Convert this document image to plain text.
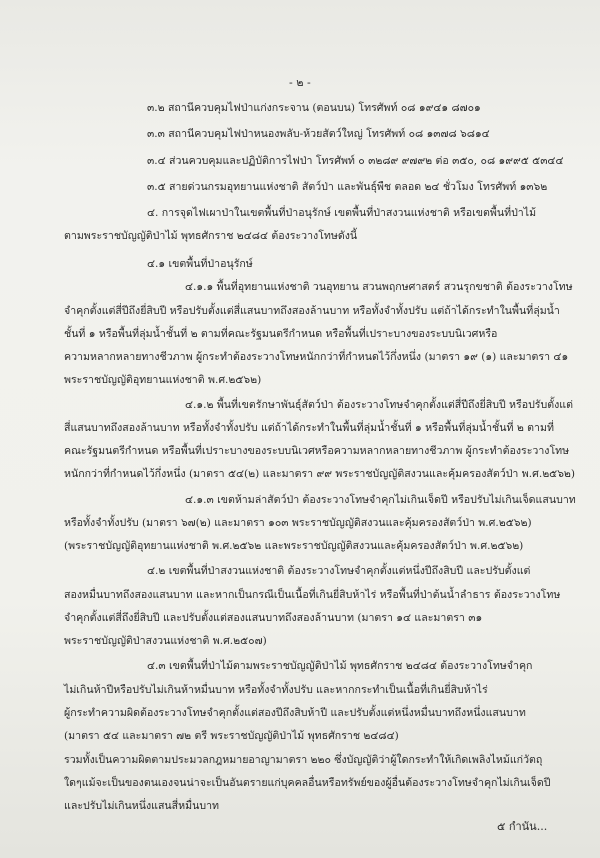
- ๒ -
๓.๒ สถานีควบคุมไฟป่าแก่งกระจาน (ตอนบน) โทรศัพท์ ๐๘ ๑๙๔๑ ๘๗๐๑
๓.๓ สถานีควบคุมไฟป่าหนองพลับ-ห้วยสัตว์ใหญ่ โทรศัพท์ ๐๘ ๑๓๗๘ ๖๘๑๔
๓.๔ ส่วนควบคุมและปฏิบัติการไฟป่า โทรศัพท์ ๐ ๓๒๘๙ ๙๗๙๒ ต่อ ๓๕๐, ๐๘ ๑๙๙๕ ๕๓๔๔
๓.๕ สายด่วนกรมอุทยานแห่งชาติ สัตว์ป่า และพันธุ์พืช ตลอด ๒๔ ชั่วโมง โทรศัพท์ ๑๓๖๒
๔. การจุดไฟเผาป่าในเขตพื้นที่ป่าอนุรักษ์ เขตพื้นที่ป่าสงวนแห่งชาติ หรือเขตพื้นที่ป่าไม้
ตามพระราชบัญญัติป่าไม้ พุทธศักราช ๒๔๘๔ ต้องระวางโทษดังนี้
๔.๑ เขตพื้นที่ป่าอนุรักษ์
๔.๑.๑ พื้นที่อุทยานแห่งชาติ วนอุทยาน สวนพฤกษศาสตร์ สวนรุกขชาติ ต้องระวางโทษ
จำคุกตั้งแต่สี่ปีถึงยี่สิบปี หรือปรับตั้งแต่สี่แสนบาทถึงสองล้านบาท หรือทั้งจำทั้งปรับ แต่ถ้าได้กระทำในพื้นที่ลุ่มน้ำ
ชั้นที่ ๑ หรือพื้นที่ลุ่มน้ำชั้นที่ ๒ ตามที่คณะรัฐมนตรีกำหนด หรือพื้นที่เปราะบางของระบบนิเวศหรือ
ความหลากหลายทางชีวภาพ ผู้กระทำต้องระวางโทษหนักกว่าที่กำหนดไว้กึ่งหนึ่ง (มาตรา ๑๙ (๑) และมาตรา ๔๑
พระราชบัญญัติอุทยานแห่งชาติ พ.ศ.๒๕๖๒)
๔.๑.๒ พื้นที่เขตรักษาพันธุ์สัตว์ป่า ต้องระวางโทษจำคุกตั้งแต่สี่ปีถึงยี่สิบปี หรือปรับตั้งแต่
สี่แสนบาทถึงสองล้านบาท หรือทั้งจำทั้งปรับ แต่ถ้าได้กระทำในพื้นที่ลุ่มน้ำชั้นที่ ๑ หรือพื้นที่ลุ่มน้ำชั้นที่ ๒ ตามที่
คณะรัฐมนตรีกำหนด หรือพื้นที่เปราะบางของระบบนิเวศหรือความหลากหลายทางชีวภาพ ผู้กระทำต้องระวางโทษ
หนักกว่าที่กำหนดไว้กึ่งหนึ่ง (มาตรา ๕๔(๒) และมาตรา ๙๙ พระราชบัญญัติสงวนและคุ้มครองสัตว์ป่า พ.ศ.๒๕๖๒)
๔.๑.๓ เขตห้ามล่าสัตว์ป่า ต้องระวางโทษจำคุกไม่เกินเจ็ดปี หรือปรับไม่เกินเจ็ดแสนบาท
หรือทั้งจำทั้งปรับ (มาตรา ๖๗(๒) และมาตรา ๑๐๓ พระราชบัญญัติสงวนและคุ้มครองสัตว์ป่า พ.ศ.๒๕๖๒)
(พระราชบัญญัติอุทยานแห่งชาติ พ.ศ.๒๕๖๒ และพระราชบัญญัติสงวนและคุ้มครองสัตว์ป่า พ.ศ.๒๕๖๒)
๔.๒ เขตพื้นที่ป่าสงวนแห่งชาติ ต้องระวางโทษจำคุกตั้งแต่หนึ่งปีถึงสิบปี และปรับตั้งแต่
สองหมื่นบาทถึงสองแสนบาท และหากเป็นกรณีเป็นเนื้อที่เกินยี่สิบห้าไร่ หรือพื้นที่ป่าต้นน้ำลำธาร ต้องระวางโทษ
จำคุกตั้งแต่สี่ถึงยี่สิบปี และปรับตั้งแต่สองแสนบาทถึงสองล้านบาท (มาตรา ๑๔ และมาตรา ๓๑
พระราชบัญญัติป่าสงวนแห่งชาติ พ.ศ.๒๕๐๗)
๔.๓ เขตพื้นที่ป่าไม้ตามพระราชบัญญัติป่าไม้ พุทธศักราช ๒๔๘๔ ต้องระวางโทษจำคุก
ไม่เกินห้าปีหรือปรับไม่เกินห้าหมื่นบาท หรือทั้งจำทั้งปรับ และหากกระทำเป็นเนื้อที่เกินยี่สิบห้าไร่
ผู้กระทำความผิดต้องระวางโทษจำคุกตั้งแต่สองปีถึงสิบห้าปี และปรับตั้งแต่หนึ่งหมื่นบาทถึงหนึ่งแสนบาท
(มาตรา ๕๔ และมาตรา ๗๒ ตรี พระราชบัญญัติป่าไม้ พุทธศักราช ๒๔๘๔)
รวมทั้งเป็นความผิดตามประมวลกฎหมายอาญามาตรา ๒๒๐ ซึ่งบัญญัติว่าผู้ใดกระทำให้เกิดเพลิงไหม้แก่วัตถุ
ใดๆแม้จะเป็นของตนเองจนน่าจะเป็นอันตรายแก่บุคคลอื่นหรือทรัพย์ของผู้อื่นต้องระวางโทษจำคุกไม่เกินเจ็ดปี
และปรับไม่เกินหนึ่งแสนสี่หมื่นบาท
๕ กำนัน...
